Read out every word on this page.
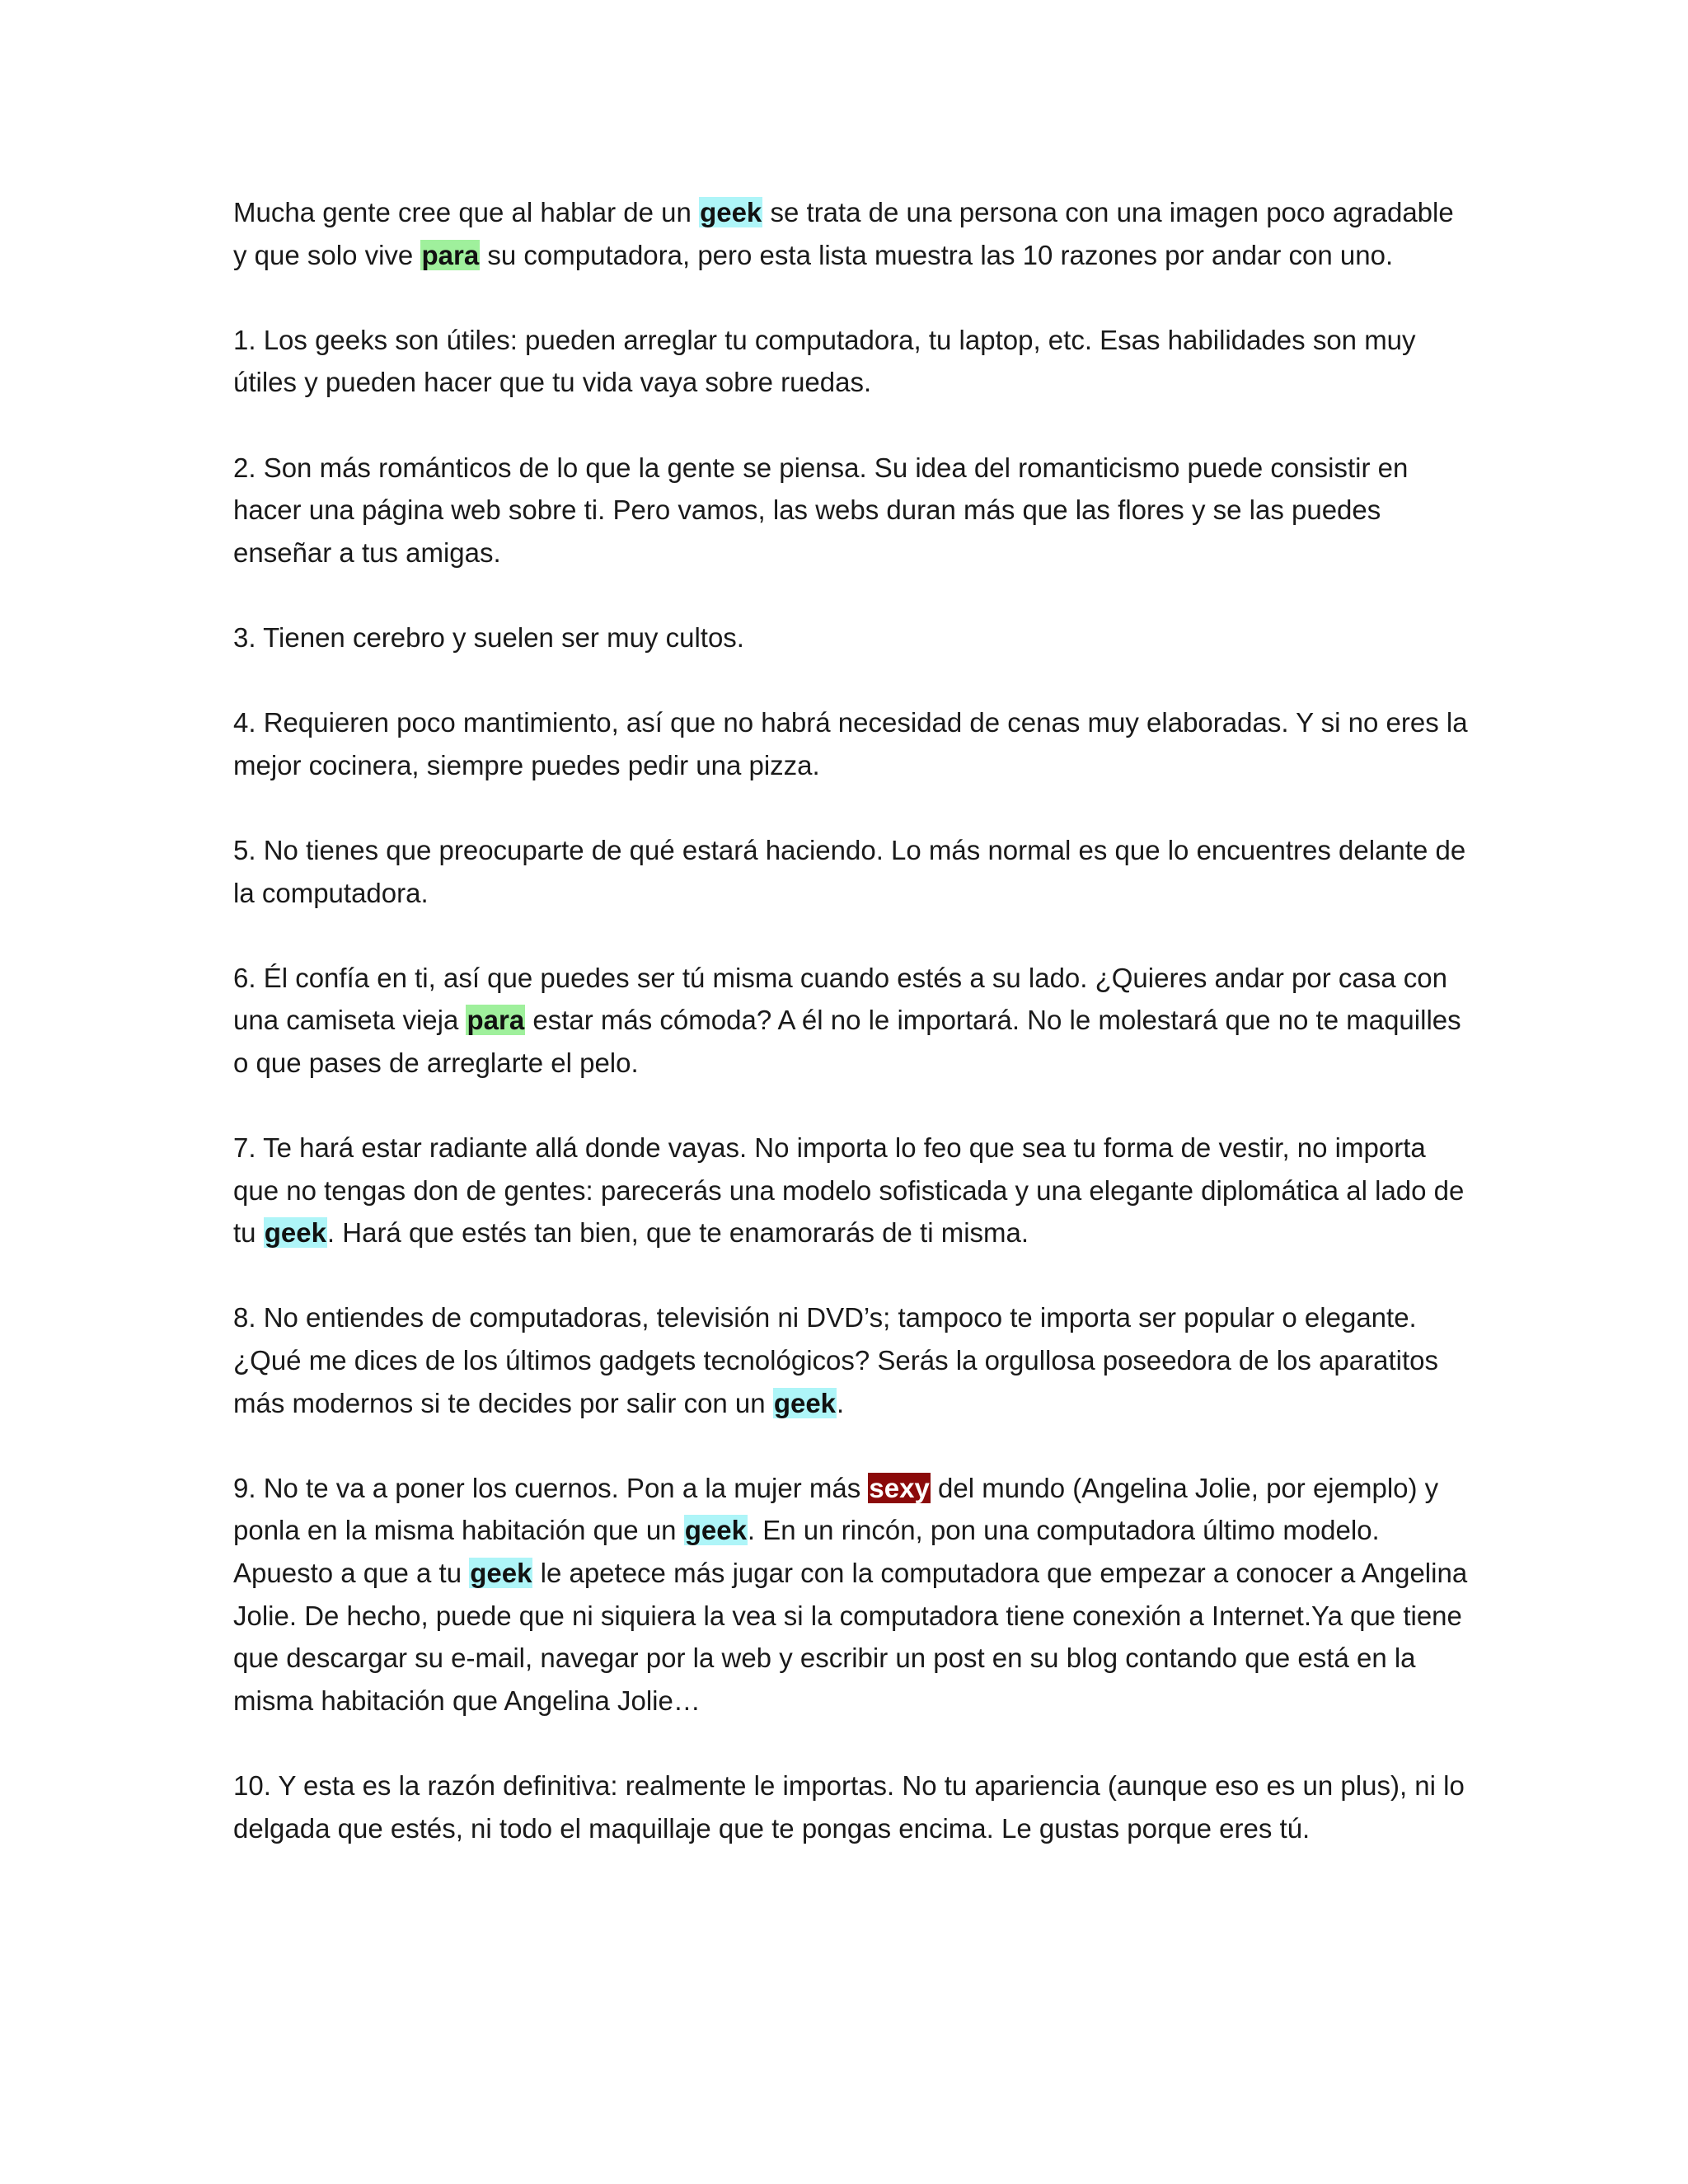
Mucha gente cree que al hablar de un geek se trata de una persona con una imagen poco agradable y que solo vive para su computadora, pero esta lista muestra las 10 razones por andar con uno.

1. Los geeks son útiles: pueden arreglar tu computadora, tu laptop, etc. Esas habilidades son muy útiles y pueden hacer que tu vida vaya sobre ruedas.

2. Son más románticos de lo que la gente se piensa. Su idea del romanticismo puede consistir en hacer una página web sobre ti. Pero vamos, las webs duran más que las flores y se las puedes enseñar a tus amigas.

3. Tienen cerebro y suelen ser muy cultos.

4. Requieren poco mantimiento, así que no habrá necesidad de cenas muy elaboradas. Y si no eres la mejor cocinera, siempre puedes pedir una pizza.

5. No tienes que preocuparte de qué estará haciendo. Lo más normal es que lo encuentres delante de la computadora.

6. Él confía en ti, así que puedes ser tú misma cuando estés a su lado. ¿Quieres andar por casa con una camiseta vieja para estar más cómoda? A él no le importará. No le molestará que no te maquilles o que pases de arreglarte el pelo.

7. Te hará estar radiante allá donde vayas. No importa lo feo que sea tu forma de vestir, no importa que no tengas don de gentes: parecerás una modelo sofisticada y una elegante diplomática al lado de tu geek. Hará que estés tan bien, que te enamorarás de ti misma.

8. No entiendes de computadoras, televisión ni DVD’s; tampoco te importa ser popular o elegante. ¿Qué me dices de los últimos gadgets tecnológicos? Serás la orgullosa poseedora de los aparatitos más modernos si te decides por salir con un geek.

9. No te va a poner los cuernos. Pon a la mujer más sexy del mundo (Angelina Jolie, por ejemplo) y ponla en la misma habitación que un geek. En un rincón, pon una computadora último modelo. Apuesto a que a tu geek le apetece más jugar con la computadora que empezar a conocer a Angelina Jolie. De hecho, puede que ni siquiera la vea si la computadora tiene conexión a Internet.Ya que tiene que descargar su e-mail, navegar por la web y escribir un post en su blog contando que está en la misma habitación que Angelina Jolie…

10. Y esta es la razón definitiva: realmente le importas. No tu apariencia (aunque eso es un plus), ni lo delgada que estés, ni todo el maquillaje que te pongas encima. Le gustas porque eres tú.
